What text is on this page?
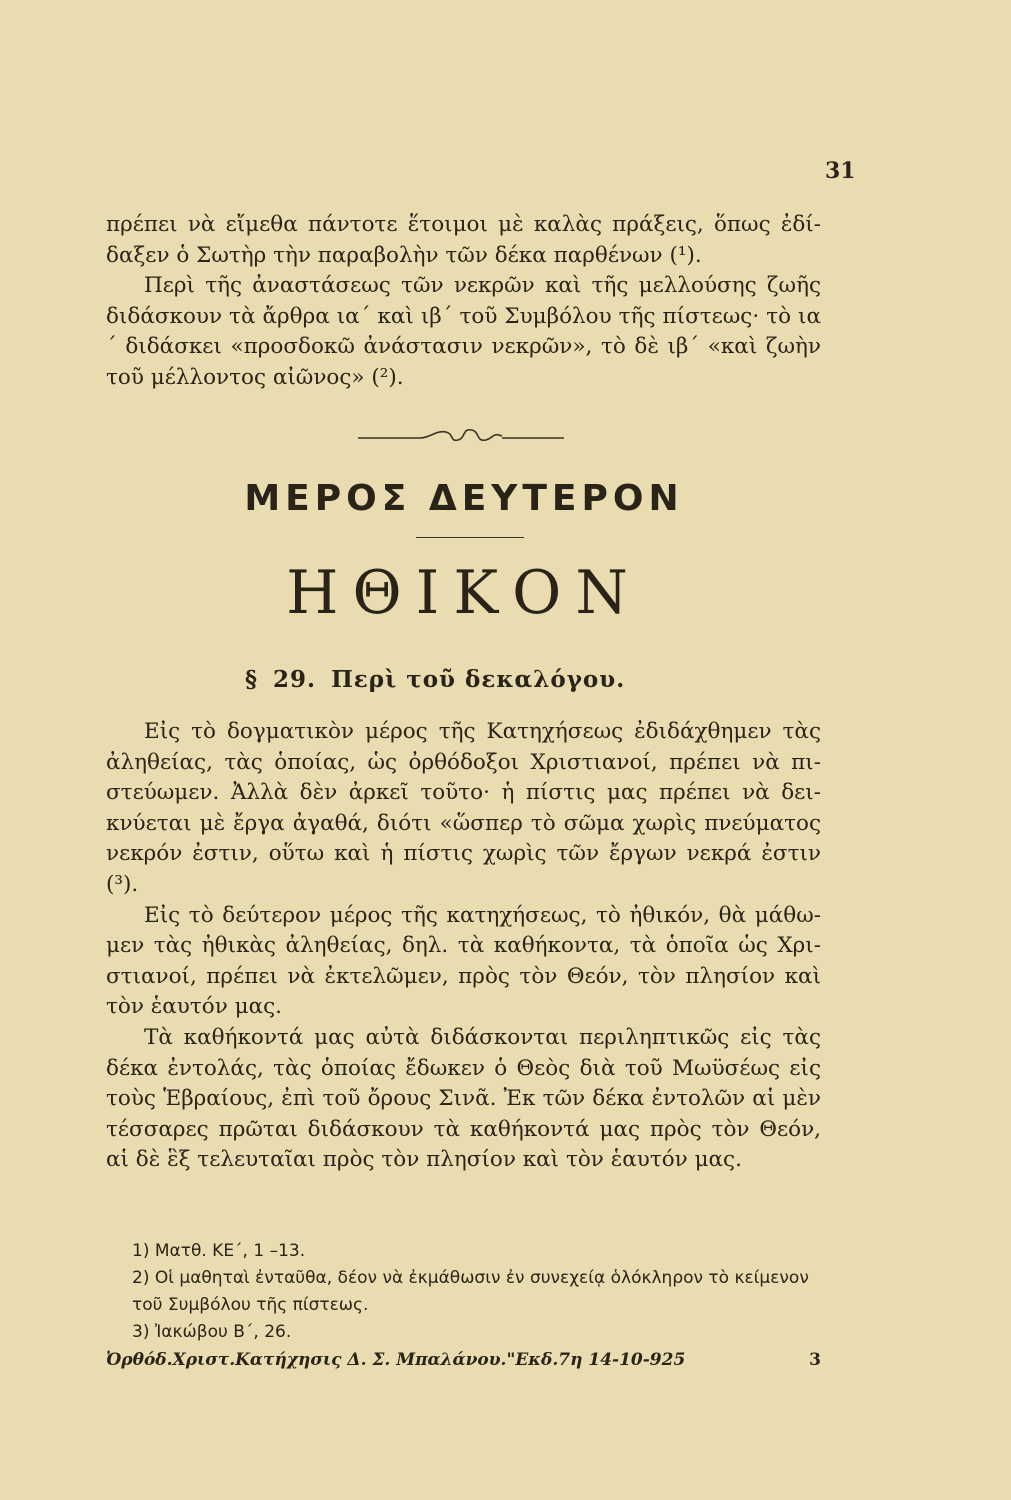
31

πρέπει νὰ εἴμεθα πάντοτε ἕτοιμοι μὲ καλὰς πράξεις, ὅπως ἐδί-δαξεν ὁ Σωτὴρ τὴν παραβολὴν τῶν δέκα παρθένων (¹).

Περὶ τῆς ἀναστάσεως τῶν νεκρῶν καὶ τῆς μελλούσης ζωῆς διδάσκουν τὰ ἄρθρα ια´ καὶ ιβ´ τοῦ Συμβόλου τῆς πίστεως· τὸ ια´ διδάσκει «προσδοκῶ ἀνάστασιν νεκρῶν», τὸ δὲ ιβ´ «καὶ ζωὴν τοῦ μέλλοντος αἰῶνος» (²).

ΜΕΡΟΣ ΔΕΥΤΕΡΟΝ
ΗΘΙΚΟΝ
§ 29. Περὶ τοῦ δεκαλόγου.

Εἰς τὸ δογματικὸν μέρος τῆς Κατηχήσεως ἐδιδάχθημεν τὰς ἀληθείας, τὰς ὁποίας, ὡς ὀρθόδοξοι Χριστιανοί, πρέπει νὰ πι-στεύωμεν. Ἀλλὰ δὲν ἀρκεῖ τοῦτο· ἡ πίστις μας πρέπει νὰ δει-κνύεται μὲ ἔργα ἀγαθά, διότι «ὥσπερ τὸ σῶμα χωρὶς πνεύματος νεκρόν ἐστιν, οὕτω καὶ ἡ πίστις χωρὶς τῶν ἔργων νεκρά ἐστιν (³).

Εἰς τὸ δεύτερον μέρος τῆς κατηχήσεως, τὸ ἠθικόν, θὰ μάθω-μεν τὰς ἠθικὰς ἀληθείας, δηλ. τὰ καθήκοντα, τὰ ὁποῖα ὡς Χρι-στιανοί, πρέπει νὰ ἐκτελῶμεν, πρὸς τὸν Θεόν, τὸν πλησίον καὶ τὸν ἑαυτόν μας.

Τὰ καθήκοντά μας αὐτὰ διδάσκονται περιληπτικῶς εἰς τὰς δέκα ἐντολάς, τὰς ὁποίας ἔδωκεν ὁ Θεὸς διὰ τοῦ Μωϋσέως εἰς τοὺς Ἑβραίους, ἐπὶ τοῦ ὄρους Σινᾶ. Ἐκ τῶν δέκα ἐντολῶν αἱ μὲν τέσσαρες πρῶται διδάσκουν τὰ καθήκοντά μας πρὸς τὸν Θεόν, αἱ δὲ ἓξ τελευταῖαι πρὸς τὸν πλησίον καὶ τὸν ἑαυτόν μας.

1) Ματθ. ΚΕ´, 1 –13.

2) Οἱ μαθηταὶ ἐνταῦθα, δέον νὰ ἐκμάθωσιν ἐν συνεχείᾳ ὁλόκληρον τὸ κείμενον τοῦ Συμβόλου τῆς πίστεως.

3) Ἰακώβου Β´, 26.

Ὀρθόδ.Χριστ.Κατήχησις Δ. Σ. Μπαλάνου."Εκδ.7η 14-10-925	3
